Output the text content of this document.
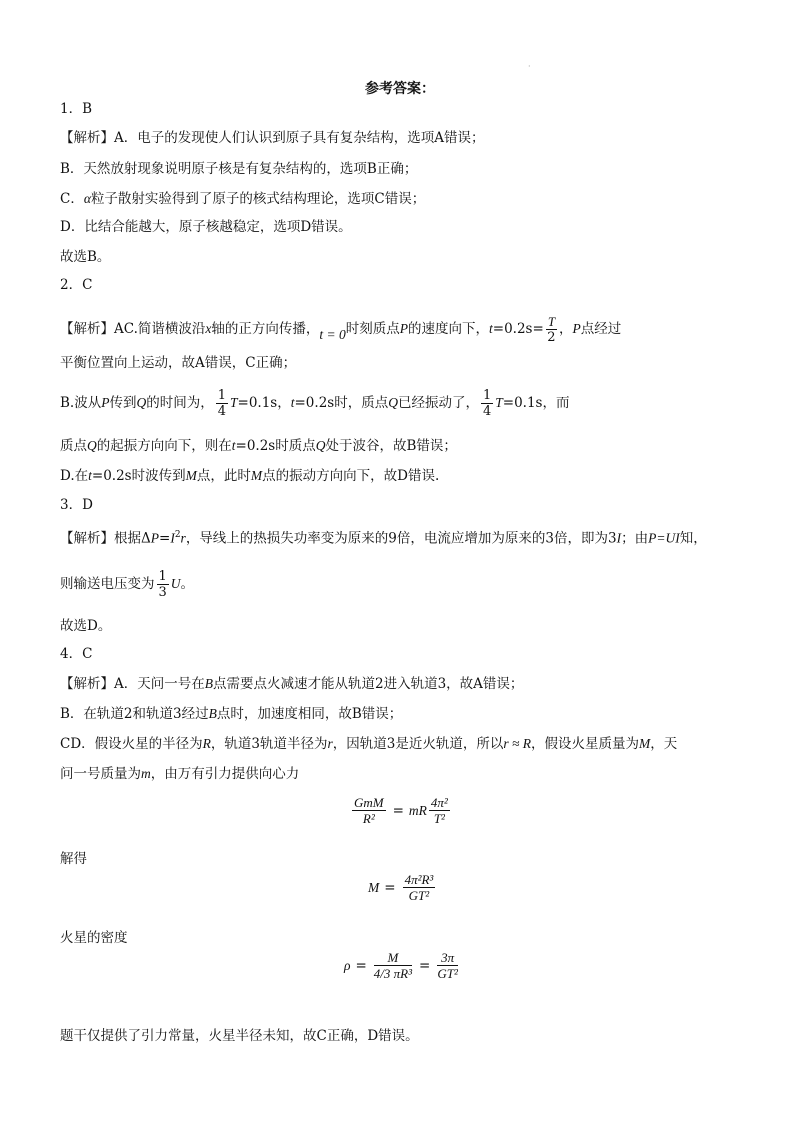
·
参考答案：
1．B
【解析】A．电子的发现使人们认识到原子具有复杂结构，选项A错误；
B．天然放射现象说明原子核是有复杂结构的，选项B正确；
C．α粒子散射实验得到了原子的核式结构理论，选项C错误；
D．比结合能越大，原子核越稳定，选项D错误。
故选B。
2．C
【解析】AC.简谐横波沿x轴的正方向传播，t = 0时刻质点P的速度向下，$t=0.2s= \frac{T}{2}$ ，P点经过
平衡位置向上运动，故A错误，C正确；
B.波从P传到Q的时间为， $\frac{1}{4} T=0.1s$，t=0.2s时，质点Q已经振动了， $\frac{1}{4} T=0.1s$，而
质点Q的起振方向向下，则在t=0.2s时质点Q处于波谷，故B错误；
D.在t=0.2s时波传到M点，此时M点的振动方向向下，故D错误.
3．D
【解析】根据$\Delta P=I^2r$，导线上的热损失功率变为原来的9倍，电流应增加为原来的3倍，即为3I；由P=UI知，
则输送电压变为 $\frac{1}{3}$ U。
故选D。
4．C
【解析】A．天问一号在B点需要点火减速才能从轨道2进入轨道3，故A错误；
B．在轨道2和轨道3经过B点时，加速度相同，故B错误；
CD．假设火星的半径为R，轨道3轨道半径为r，因轨道3是近火轨道，所以r ≈ R，假设火星质量为M，天
问一号质量为m，由万有引力提供向心力
$\frac{\text{GmM}}{\text{R²}}$ = mR $\frac{\text{4π²}}{\text{T²}}$
解得
$M = \frac{\text{4π²R³}}{\text{GT²}}$
火星的密度
$\rho = \frac{M}{\text{4/3 πR³}} = \frac{3\pi}{\text{GT²}}$
题干仅提供了引力常量，火星半径未知，故C正确，D错误。
